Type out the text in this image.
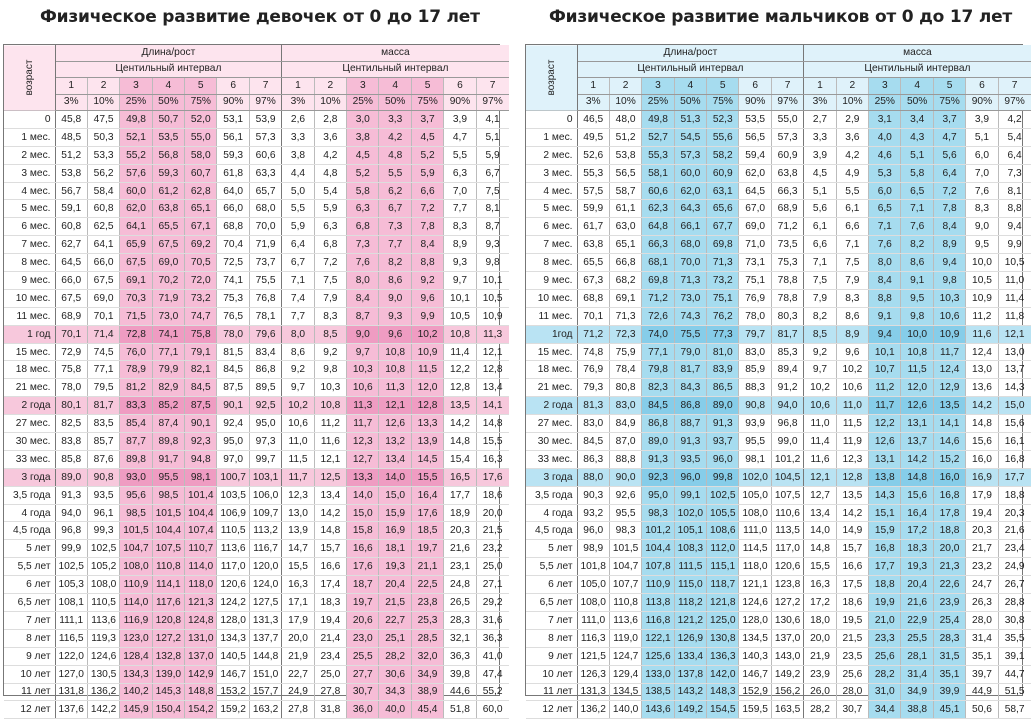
Физическое развитие девочек от 0 до 17 лет	Физическое развитие мальчиков от 0 до 17 лет
возраст	Длина/рост							масса						
	Центильный интервал							Центильный интервал						
	1	2	3	4	5	6	7	1	2	3	4	5	6	7
	3%	10%	25%	50%	75%	90%	97%	3%	10%	25%	50%	75%	90%	97%
0	45,8	47,5	49,8	50,7	52,0	53,1	53,9	2,6	2,8	3,0	3,3	3,7	3,9	4,1
1 мес.	48,5	50,3	52,1	53,5	55,0	56,1	57,3	3,3	3,6	3,8	4,2	4,5	4,7	5,1
2 мес.	51,2	53,3	55,2	56,8	58,0	59,3	60,6	3,8	4,2	4,5	4,8	5,2	5,5	5,9
3 мес.	53,8	56,2	57,6	59,3	60,7	61,8	63,3	4,4	4,8	5,2	5,5	5,9	6,3	6,7
4 мес.	56,7	58,4	60,0	61,2	62,8	64,0	65,7	5,0	5,4	5,8	6,2	6,6	7,0	7,5
5 мес.	59,1	60,8	62,0	63,8	65,1	66,0	68,0	5,5	5,9	6,3	6,7	7,2	7,7	8,1
6 мес.	60,8	62,5	64,1	65,5	67,1	68,8	70,0	5,9	6,3	6,8	7,3	7,8	8,3	8,7
7 мес.	62,7	64,1	65,9	67,5	69,2	70,4	71,9	6,4	6,8	7,3	7,7	8,4	8,9	9,3
8 мес.	64,5	66,0	67,5	69,0	70,5	72,5	73,7	6,7	7,2	7,6	8,2	8,8	9,3	9,8
9 мес.	66,0	67,5	69,1	70,2	72,0	74,1	75,5	7,1	7,5	8,0	8,6	9,2	9,7	10,1
10 мес.	67,5	69,0	70,3	71,9	73,2	75,3	76,8	7,4	7,9	8,4	9,0	9,6	10,1	10,5
11 мес.	68,9	70,1	71,5	73,0	74,7	76,5	78,1	7,7	8,3	8,7	9,3	9,9	10,5	10,9
1 год	70,1	71,4	72,8	74,1	75,8	78,0	79,6	8,0	8,5	9,0	9,6	10,2	10,8	11,3
15 мес.	72,9	74,5	76,0	77,1	79,1	81,5	83,4	8,6	9,2	9,7	10,8	10,9	11,4	12,1
18 мес.	75,8	77,1	78,9	79,9	82,1	84,5	86,8	9,2	9,8	10,3	10,8	11,5	12,2	12,8
21 мес.	78,0	79,5	81,2	82,9	84,5	87,5	89,5	9,7	10,3	10,6	11,3	12,0	12,8	13,4
2 года	80,1	81,7	83,3	85,2	87,5	90,1	92,5	10,2	10,8	11,3	12,1	12,8	13,5	14,1
27 мес.	82,5	83,5	85,4	87,4	90,1	92,4	95,0	10,6	11,2	11,7	12,6	13,3	14,2	14,8
30 мес.	83,8	85,7	87,7	89,8	92,3	95,0	97,3	11,0	11,6	12,3	13,2	13,9	14,8	15,5
33 мес.	85,8	87,6	89,8	91,7	94,8	97,0	99,7	11,5	12,1	12,7	13,4	14,5	15,4	16,3
3 года	89,0	90,8	93,0	95,5	98,1	100,7	103,1	11,7	12,5	13,3	14,0	15,5	16,5	17,6
3,5 года	91,3	93,5	95,6	98,5	101,4	103,5	106,0	12,3	13,4	14,0	15,0	16,4	17,7	18,6
4 года	94,0	96,1	98,5	101,5	104,4	106,9	109,7	13,0	14,2	15,0	15,9	17,6	18,9	20,0
4,5 года	96,8	99,3	101,5	104,4	107,4	110,5	113,2	13,9	14,8	15,8	16,9	18,5	20,3	21,5
5 лет	99,9	102,5	104,7	107,5	110,7	113,6	116,7	14,7	15,7	16,6	18,1	19,7	21,6	23,2
5,5 лет	102,5	105,2	108,0	110,8	114,0	117,0	120,0	15,5	16,6	17,6	19,3	21,1	23,1	25,0
6 лет	105,3	108,0	110,9	114,1	118,0	120,6	124,0	16,3	17,4	18,7	20,4	22,5	24,8	27,1
6,5 лет	108,1	110,5	114,0	117,6	121,3	124,2	127,5	17,1	18,3	19,7	21,5	23,8	26,5	29,2
7 лет	111,1	113,6	116,9	120,8	124,8	128,0	131,3	17,9	19,4	20,6	22,7	25,3	28,3	31,6
8 лет	116,5	119,3	123,0	127,2	131,0	134,3	137,7	20,0	21,4	23,0	25,1	28,5	32,1	36,3
9 лет	122,0	124,6	128,4	132,8	137,0	140,5	144,8	21,9	23,4	25,5	28,2	32,0	36,3	41,0
10 лет	127,0	130,5	134,3	139,0	142,9	146,7	151,0	22,7	25,0	27,7	30,6	34,9	39,8	47,4
11 лет	131,8	136,2	140,2	145,3	148,8	153,2	157,7	24,9	27,8	30,7	34,3	38,9	44,6	55,2
12 лет	137,6	142,2	145,9	150,4	154,2	159,2	163,2	27,8	31,8	36,0	40,0	45,4	51,8	60,0
возраст	Длина/рост							масса						
	Центильный интервал							Центильный интервал						
	1	2	3	4	5	6	7	1	2	3	4	5	6	7
	3%	10%	25%	50%	75%	90%	97%	3%	10%	25%	50%	75%	90%	97%
0	46,5	48,0	49,8	51,3	52,3	53,5	55,0	2,7	2,9	3,1	3,4	3,7	3,9	4,2
1 мес.	49,5	51,2	52,7	54,5	55,6	56,5	57,3	3,3	3,6	4,0	4,3	4,7	5,1	5,4
2 мес.	52,6	53,8	55,3	57,3	58,2	59,4	60,9	3,9	4,2	4,6	5,1	5,6	6,0	6,4
3 мес.	55,3	56,5	58,1	60,0	60,9	62,0	63,8	4,5	4,9	5,3	5,8	6,4	7,0	7,3
4 мес.	57,5	58,7	60,6	62,0	63,1	64,5	66,3	5,1	5,5	6,0	6,5	7,2	7,6	8,1
5 мес.	59,9	61,1	62,3	64,3	65,6	67,0	68,9	5,6	6,1	6,5	7,1	7,8	8,3	8,8
6 мес.	61,7	63,0	64,8	66,1	67,7	69,0	71,2	6,1	6,6	7,1	7,6	8,4	9,0	9,4
7 мес.	63,8	65,1	66,3	68,0	69,8	71,0	73,5	6,6	7,1	7,6	8,2	8,9	9,5	9,9
8 мес.	65,5	66,8	68,1	70,0	71,3	73,1	75,3	7,1	7,5	8,0	8,6	9,4	10,0	10,5
9 мес.	67,3	68,2	69,8	71,3	73,2	75,1	78,8	7,5	7,9	8,4	9,1	9,8	10,5	11,0
10 мес.	68,8	69,1	71,2	73,0	75,1	76,9	78,8	7,9	8,3	8,8	9,5	10,3	10,9	11,4
11 мес.	70,1	71,3	72,6	74,3	76,2	78,0	80,3	8,2	8,6	9,1	9,8	10,6	11,2	11,8
1год	71,2	72,3	74,0	75,5	77,3	79,7	81,7	8,5	8,9	9,4	10,0	10,9	11,6	12,1
15 мес.	74,8	75,9	77,1	79,0	81,0	83,0	85,3	9,2	9,6	10,1	10,8	11,7	12,4	13,0
18 мес.	76,9	78,4	79,8	81,7	83,9	85,9	89,4	9,7	10,2	10,7	11,5	12,4	13,0	13,7
21 мес.	79,3	80,8	82,3	84,3	86,5	88,3	91,2	10,2	10,6	11,2	12,0	12,9	13,6	14,3
2 года	81,3	83,0	84,5	86,8	89,0	90,8	94,0	10,6	11,0	11,7	12,6	13,5	14,2	15,0
27 мес.	83,0	84,9	86,8	88,7	91,3	93,9	96,8	11,0	11,5	12,2	13,1	14,1	14,8	15,6
30 мес.	84,5	87,0	89,0	91,3	93,7	95,5	99,0	11,4	11,9	12,6	13,7	14,6	15,6	16,1
33 мес.	86,3	88,8	91,3	93,5	96,0	98,1	101,2	11,6	12,3	13,1	14,2	15,2	16,0	16,8
3 года	88,0	90,0	92,3	96,0	99,8	102,0	104,5	12,1	12,8	13,8	14,8	16,0	16,9	17,7
3,5 года	90,3	92,6	95,0	99,1	102,5	105,0	107,5	12,7	13,5	14,3	15,6	16,8	17,9	18,8
4 года	93,2	95,5	98,3	102,0	105,5	108,0	110,6	13,4	14,2	15,1	16,4	17,8	19,4	20,3
4,5 года	96,0	98,3	101,2	105,1	108,6	111,0	113,5	14,0	14,9	15,9	17,2	18,8	20,3	21,6
5 лет	98,9	101,5	104,4	108,3	112,0	114,5	117,0	14,8	15,7	16,8	18,3	20,0	21,7	23,4
5,5 лет	101,8	104,7	107,8	111,5	115,1	118,0	120,6	15,5	16,6	17,7	19,3	21,3	23,2	24,9
6 лет	105,0	107,7	110,9	115,0	118,7	121,1	123,8	16,3	17,5	18,8	20,4	22,6	24,7	26,7
6,5 лет	108,0	110,8	113,8	118,2	121,8	124,6	127,2	17,2	18,6	19,9	21,6	23,9	26,3	28,8
7 лет	111,0	113,6	116,8	121,2	125,0	128,0	130,6	18,0	19,5	21,0	22,9	25,4	28,0	30,8
8 лет	116,3	119,0	122,1	126,9	130,8	134,5	137,0	20,0	21,5	23,3	25,5	28,3	31,4	35,5
9 лет	121,5	124,7	125,6	133,4	136,3	140,3	143,0	21,9	23,5	25,6	28,1	31,5	35,1	39,1
10 лет	126,3	129,4	133,0	137,8	142,0	146,7	149,2	23,9	25,6	28,2	31,4	35,1	39,7	44,7
11 лет	131,3	134,5	138,5	143,2	148,3	152,9	156,2	26,0	28,0	31,0	34,9	39,9	44,9	51,5
12 лет	136,2	140,0	143,6	149,2	154,5	159,5	163,5	28,2	30,7	34,4	38,8	45,1	50,6	58,7
